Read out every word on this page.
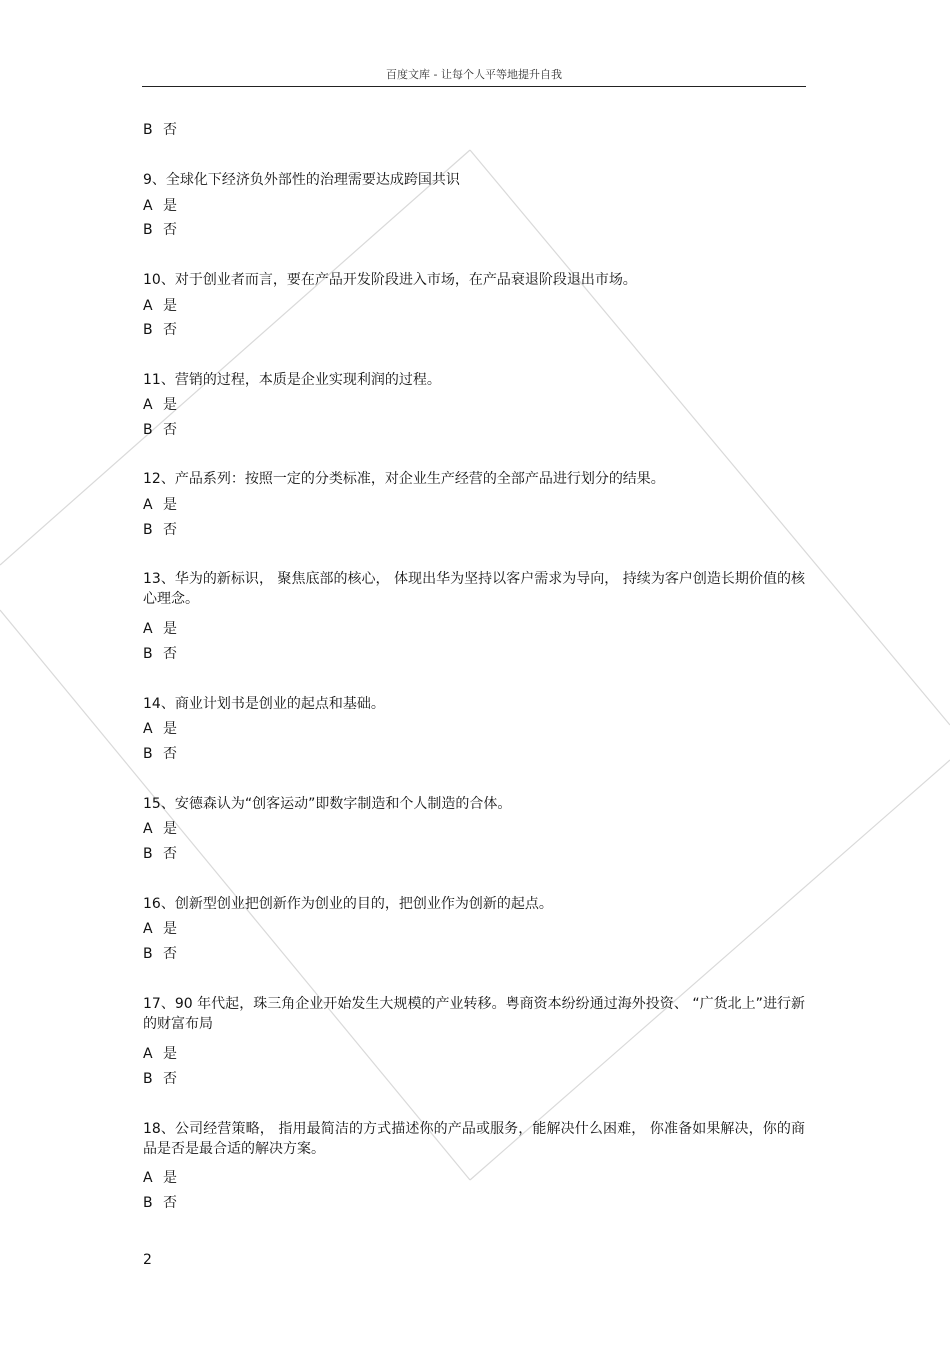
百度文库 - 让每个人平等地提升自我
B 否
9、全球化下经济负外部性的治理需要达成跨国共识
A 是
B 否
10、对于创业者而言，要在产品开发阶段进入市场，在产品衰退阶段退出市场。
A 是
B 否
11、营销的过程，本质是企业实现利润的过程。
A 是
B 否
12、产品系列：按照一定的分类标准，对企业生产经营的全部产品进行划分的结果。
A 是
B 否
13、华为的新标识， 聚焦底部的核心， 体现出华为坚持以客户需求为导向， 持续为客户创造长期价值的核心理念。
A 是
B 否
14、商业计划书是创业的起点和基础。
A 是
B 否
15、安德森认为“创客运动”即数字制造和个人制造的合体。
A 是
B 否
16、创新型创业把创新作为创业的目的，把创业作为创新的起点。
A 是
B 否
17、90 年代起，珠三角企业开始发生大规模的产业转移。粤商资本纷纷通过海外投资、 “广货北上”进行新的财富布局
A 是
B 否
18、公司经营策略， 指用最简洁的方式描述你的产品或服务，能解决什么困难， 你准备如果解决，你的商品是否是最合适的解决方案。
A 是
B 否
2
